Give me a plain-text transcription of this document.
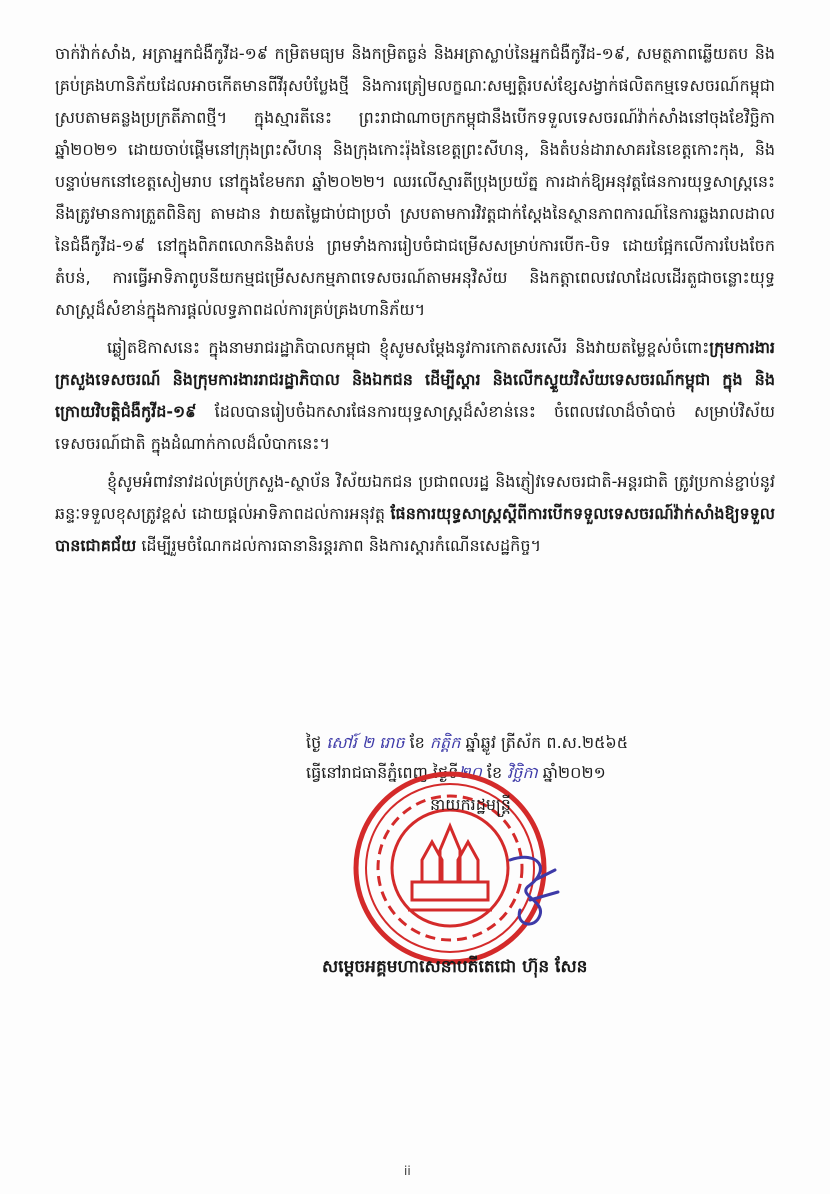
ចាក់វ៉ាក់សាំង, អត្រាអ្នកជំងឺកូវីដ-១៩ កម្រិតមធ្យម និងកម្រិតធ្ងន់ និងអត្រាស្លាប់នៃអ្នកជំងឺកូវីដ-១៩, សមត្ថភាពឆ្លើយតប និងគ្រប់គ្រងហានិភ័យដែលអាចកើតមានពីវីរុសបំប្លែងថ្មី និងការត្រៀមលក្ខណៈសម្បត្តិរបស់ខ្សែសង្វាក់ផលិតកម្មទេសចរណ៍កម្ពុជាស្របតាមគន្លងប្រក្រតីភាពថ្មី។ ក្នុងស្មារតីនេះ ព្រះរាជាណាចក្រកម្ពុជានឹងបើកទទួលទេសចរណ៍វ៉ាក់សាំងនៅចុងខែវិច្ឆិកា ឆ្នាំ២០២១ ដោយចាប់ផ្តើមនៅក្រុងព្រះសីហនុ និងក្រុងកោះរ៉ុងនៃខេត្តព្រះសីហនុ, និងតំបន់ដារាសាគរនៃខេត្តកោះកុង, និងបន្ទាប់មកនៅខេត្តសៀមរាប នៅក្នុងខែមករា ឆ្នាំ២០២២។ ឈរលើស្មារតីប្រុងប្រយ័ត្ន ការដាក់ឱ្យអនុវត្តផែនការយុទ្ធសាស្ត្រនេះ នឹងត្រូវមានការត្រួតពិនិត្យ តាមដាន វាយតម្លៃជាប់ជាប្រចាំ ស្របតាមការវិវត្តជាក់ស្តែងនៃស្ថានភាពការណ៍នៃការឆ្លងរាលដាលនៃជំងឺកូវីដ-១៩ នៅក្នុងពិភពលោកនិងតំបន់ ព្រមទាំងការរៀបចំជាជម្រើសសម្រាប់ការបើក-បិទ ដោយផ្អែកលើការបែងចែកតំបន់, ការធ្វើអាទិភាពូបនីយកម្មជម្រើសសកម្មភាពទេសចរណ៍តាមអនុវិស័យ និងកត្តាពេលវេលាដែលដើរតួជាចន្លោះយុទ្ធសាស្ត្រដ៏សំខាន់ក្នុងការផ្តល់លទ្ធភាពដល់ការគ្រប់គ្រងហានិភ័យ។

ឆ្លៀតឱកាសនេះ ក្នុងនាមរាជរដ្ឋាភិបាលកម្ពុជា ខ្ញុំសូមសម្តែងនូវការកោតសរសើរ និងវាយតម្លៃខ្ពស់ចំពោះក្រុមការងារក្រសួងទេសចរណ៍ និងក្រុមការងាររាជរដ្ឋាភិបាល និងឯកជន ដើម្បីស្តារ និងលើកស្ទួយវិស័យទេសចរណ៍កម្ពុជា ក្នុង និងក្រោយវិបត្តិជំងឺកូវីដ-១៩ ដែលបានរៀបចំឯកសារផែនការយុទ្ធសាស្ត្រដ៏សំខាន់នេះ ចំពេលវេលាដ៏ចាំបាច់ សម្រាប់វិស័យទេសចរណ៍ជាតិ ក្នុងដំណាក់កាលដ៏លំបាកនេះ។

ខ្ញុំសូមអំពាវនាវដល់គ្រប់ក្រសួង-ស្ថាប័ន វិស័យឯកជន ប្រជាពលរដ្ឋ និងភ្ញៀវទេសចរជាតិ-អន្តរជាតិ ត្រូវប្រកាន់ខ្ជាប់នូវឆន្ទៈទទួលខុសត្រូវខ្ពស់ ដោយផ្តល់អាទិភាពដល់ការអនុវត្ត ផែនការយុទ្ធសាស្ត្រស្តីពីការបើកទទួលទេសចរណ៍វ៉ាក់សាំងឱ្យទទួលបានជោគជ័យ ដើម្បីរួមចំណែកដល់ការធានានិរន្តរភាព និងការស្តារកំណើនសេដ្ឋកិច្ច។

ថ្ងៃ សៅរ៍ ២ រោច ខែ កត្តិក ឆ្នាំឆ្លូវ ត្រីស័ក ព.ស.២៥៦៥
ធ្វើនៅរាជធានីភ្នំពេញ ថ្ងៃទី២០ ខែ វិច្ឆិកា ឆ្នាំ២០២១
នាយករដ្ឋមន្ត្រី
សម្តេចអគ្គមហាសេនាបតីតេជោ ហ៊ុន សែន
ii
